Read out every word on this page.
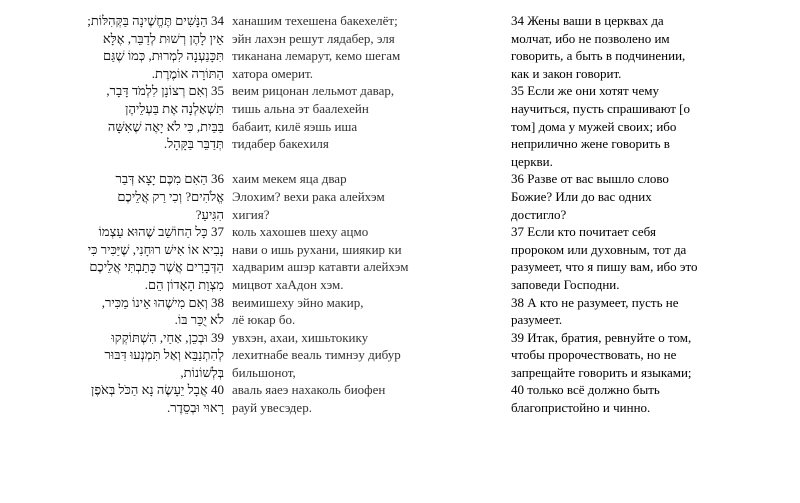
34 הַנָּשִׁים תֶּחֱשֶׁינָה בַּקְּהִלּוֹת;
אֵין לָהֶן רְשׁוּת לְדַבֵּר, אֶלָּא
תִּכָּנַעְנָה לִמְרוּת, כְּמוֹ שֶׁגַּם
הַתּוֹרָה אוֹמֶרֶת.
35 וְאִם רְצוֹנָן לִלְמֹד דָּבָר,
תִּשְׁאַלְנָה אֶת בַּעְלֵיהֶן
בַּבַּיִת, כִּי לֹא יָאֶה שֶׁאִשָּׁה
תְּדַבֵּר בַּקָּהָל.
36 הַאִם מִכֶּם יָצָא דְּבַר
אֱלֹהִים? וְכִי רַק אֲלֵיכֶם
הִגִּיעַ?
37 כָּל הַחוֹשֵׁב שֶׁהוּא עַצְמוֹ
נָבִיא אוֹ אִישׁ רוּחָנִי, שֶׁיַּכִּיר כִּי
הַדְּבָרִים אֲשֶׁר כָּתַבְתִּי אֲלֵיכֶם
מִצְוַת הָאָדוֹן הֵם.
38 וְאִם מִישֶׁהוּ אֵינוֹ מַכִּיר,
לֹא יֻכַּר בּוֹ.
39 וּבְכֵן, אַחַי, הִשְׁתּוֹקְקוּ
לְהִתְנַבֵּא וְאַל תִּמְנְעוּ דִּבּוּר
בְּלְשׁוֹנוֹת,
40 אֲבָל יֵעָשֶׂה נָא הַכֹּל בְּאֹפֶן
רָאוּי וּבְסֵדֶר.
ханашим техешена бакехелёт;
эйн лахэн решут лядабер, эля
тиканана лемарут, кемо шегам
хатора омерит.
веим рицонан лельмот давар,
тишь альна эт баалехейн
бабаит, килё яэшь иша
тидабер бакехиля
хаим мекем яца двар
Элохим? вехи рака алейхэм
хигия?
коль хахошев шеху ацмо
нави о ишь рухани, шиякир ки
хадварим ашэр катавти алейхэм
мицвот хаАдон хэм.
веимишеху эйно макир,
лё юкар бо.
увхэн, ахаи, хишьтокику
лехитнабе веаль тимнэу дибур
бильшонот,
аваль яаеэ нахаколь биофен
рауй увесэдер.
34 Жены ваши в церквах да
молчат, ибо не позволено им
говорить, а быть в подчинении,
как и закон говорит.
35 Если же они хотят чему
научиться, пусть спрашивают [о
том] дома у мужей своих; ибо
неприлично жене говорить в
церкви.
36 Разве от вас вышло слово
Божие? Или до вас одних
достигло?
37 Если кто почитает себя
пророком или духовным, тот да
разумеет, что я пишу вам, ибо это
заповеди Господни.
38 А кто не разумеет, пусть не
разумеет.
39 Итак, братия, ревнуйте о том,
чтобы пророчествовать, но не
запрещайте говорить и языками;
40 только всё должно быть
благопристойно и чинно.
